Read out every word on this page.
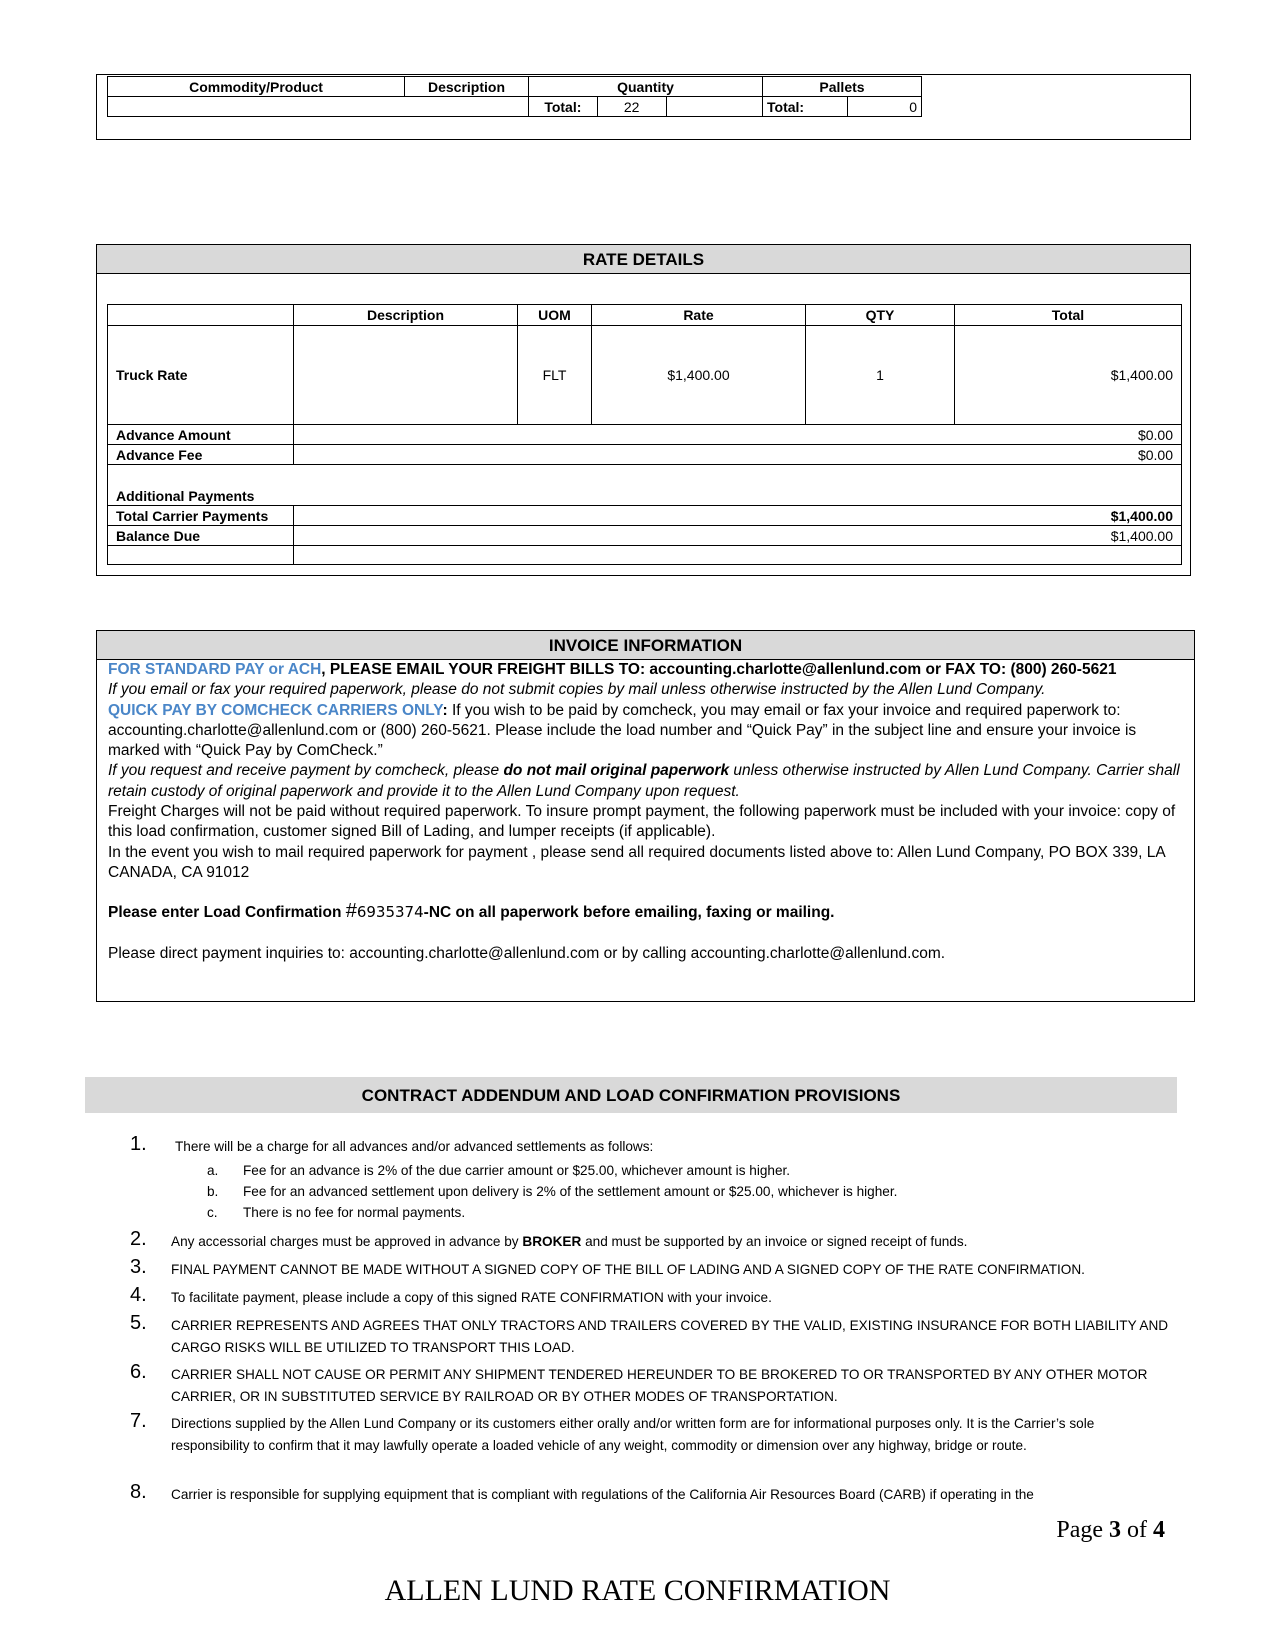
Commodity/Product	Description	Quantity			Pallets	
		Total:	22		Total:	0
RATE DETAILS
	Description	UOM	Rate	QTY	Total
Truck Rate		FLT	$1,400.00	1	$1,400.00
Advance Amount	$0.00				
Advance Fee	$0.00				
Additional Payments					
Total Carrier Payments	$1,400.00				
Balance Due	$1,400.00				

INVOICE INFORMATION
FOR STANDARD PAY or ACH, PLEASE EMAIL YOUR FREIGHT BILLS TO: accounting.charlotte@allenlund.com or FAX TO: (800) 260-5621
If you email or fax your required paperwork, please do not submit copies by mail unless otherwise instructed by the Allen Lund Company.
QUICK PAY BY COMCHECK CARRIERS ONLY: If you wish to be paid by comcheck, you may email or fax your invoice and required paperwork to: accounting.charlotte@allenlund.com or (800) 260-5621. Please include the load number and “Quick Pay” in the subject line and ensure your invoice is marked with “Quick Pay by ComCheck.”
If you request and receive payment by comcheck, please do not mail original paperwork unless otherwise instructed by Allen Lund Company. Carrier shall retain custody of original paperwork and provide it to the Allen Lund Company upon request.
Freight Charges will not be paid without required paperwork. To insure prompt payment, the following paperwork must be included with your invoice: copy of this load confirmation, customer signed Bill of Lading, and lumper receipts (if applicable).
In the event you wish to mail required paperwork for payment , please send all required documents listed above to: Allen Lund Company, PO BOX 339, LA CANADA, CA 91012
Please enter Load Confirmation #6935374-NC on all paperwork before emailing, faxing or mailing.
Please direct payment inquiries to: accounting.charlotte@allenlund.com or by calling accounting.charlotte@allenlund.com.
CONTRACT ADDENDUM AND LOAD CONFIRMATION PROVISIONS
1. There will be a charge for all advances and/or advanced settlements as follows:
a. Fee for an advance is 2% of the due carrier amount or $25.00, whichever amount is higher.
b. Fee for an advanced settlement upon delivery is 2% of the settlement amount or $25.00, whichever is higher.
c. There is no fee for normal payments.
2. Any accessorial charges must be approved in advance by BROKER and must be supported by an invoice or signed receipt of funds.
3. FINAL PAYMENT CANNOT BE MADE WITHOUT A SIGNED COPY OF THE BILL OF LADING AND A SIGNED COPY OF THE RATE CONFIRMATION.
4. To facilitate payment, please include a copy of this signed RATE CONFIRMATION with your invoice.
5. CARRIER REPRESENTS AND AGREES THAT ONLY TRACTORS AND TRAILERS COVERED BY THE VALID, EXISTING INSURANCE FOR BOTH LIABILITY AND CARGO RISKS WILL BE UTILIZED TO TRANSPORT THIS LOAD.
6. CARRIER SHALL NOT CAUSE OR PERMIT ANY SHIPMENT TENDERED HEREUNDER TO BE BROKERED TO OR TRANSPORTED BY ANY OTHER MOTOR CARRIER, OR IN SUBSTITUTED SERVICE BY RAILROAD OR BY OTHER MODES OF TRANSPORTATION.
7. Directions supplied by the Allen Lund Company or its customers either orally and/or written form are for informational purposes only. It is the Carrier’s sole responsibility to confirm that it may lawfully operate a loaded vehicle of any weight, commodity or dimension over any highway, bridge or route.
8. Carrier is responsible for supplying equipment that is compliant with regulations of the California Air Resources Board (CARB) if operating in the
Page 3 of 4
ALLEN LUND RATE CONFIRMATION
